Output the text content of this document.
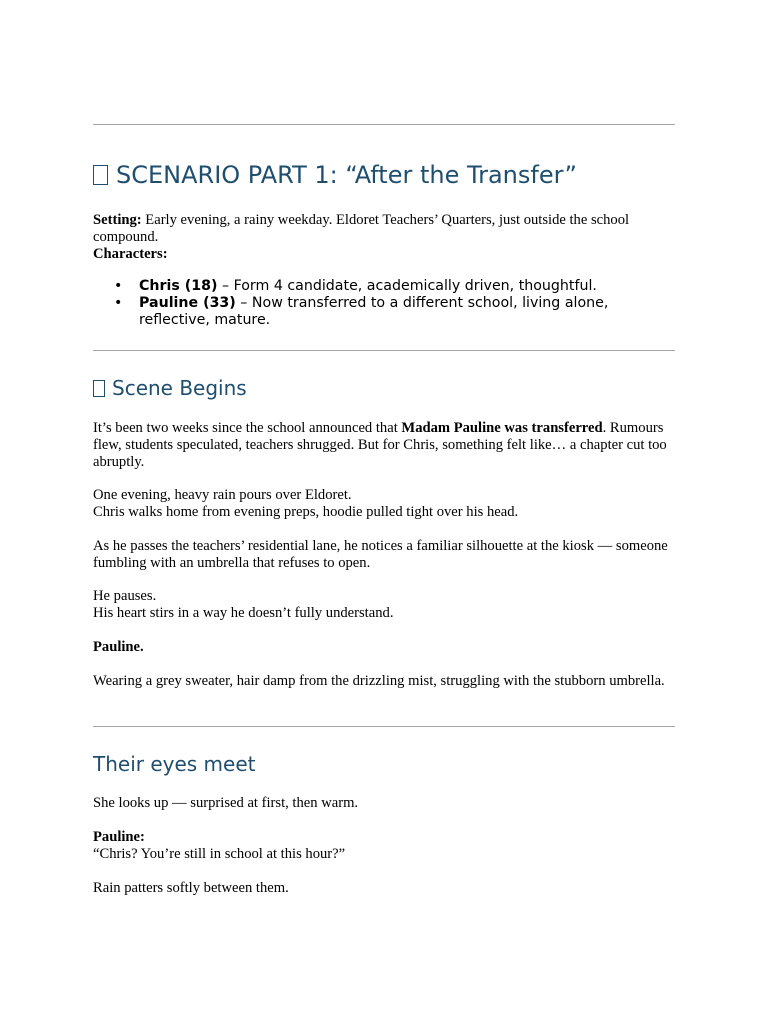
SCENARIO PART 1: “After the Transfer”

Setting: Early evening, a rainy weekday. Eldoret Teachers’ Quarters, just outside the school compound.
Characters:

• Chris (18) – Form 4 candidate, academically driven, thoughtful.
• Pauline (33) – Now transferred to a different school, living alone, reflective, mature.
Scene Begins

It’s been two weeks since the school announced that Madam Pauline was transferred. Rumours flew, students speculated, teachers shrugged. But for Chris, something felt like… a chapter cut too abruptly.

One evening, heavy rain pours over Eldoret.
Chris walks home from evening preps, hoodie pulled tight over his head.

As he passes the teachers’ residential lane, he notices a familiar silhouette at the kiosk — someone fumbling with an umbrella that refuses to open.

He pauses.
His heart stirs in a way he doesn’t fully understand.

Pauline.

Wearing a grey sweater, hair damp from the drizzling mist, struggling with the stubborn umbrella.

Their eyes meet

She looks up — surprised at first, then warm.

Pauline:
“Chris? You’re still in school at this hour?”

Rain patters softly between them.
